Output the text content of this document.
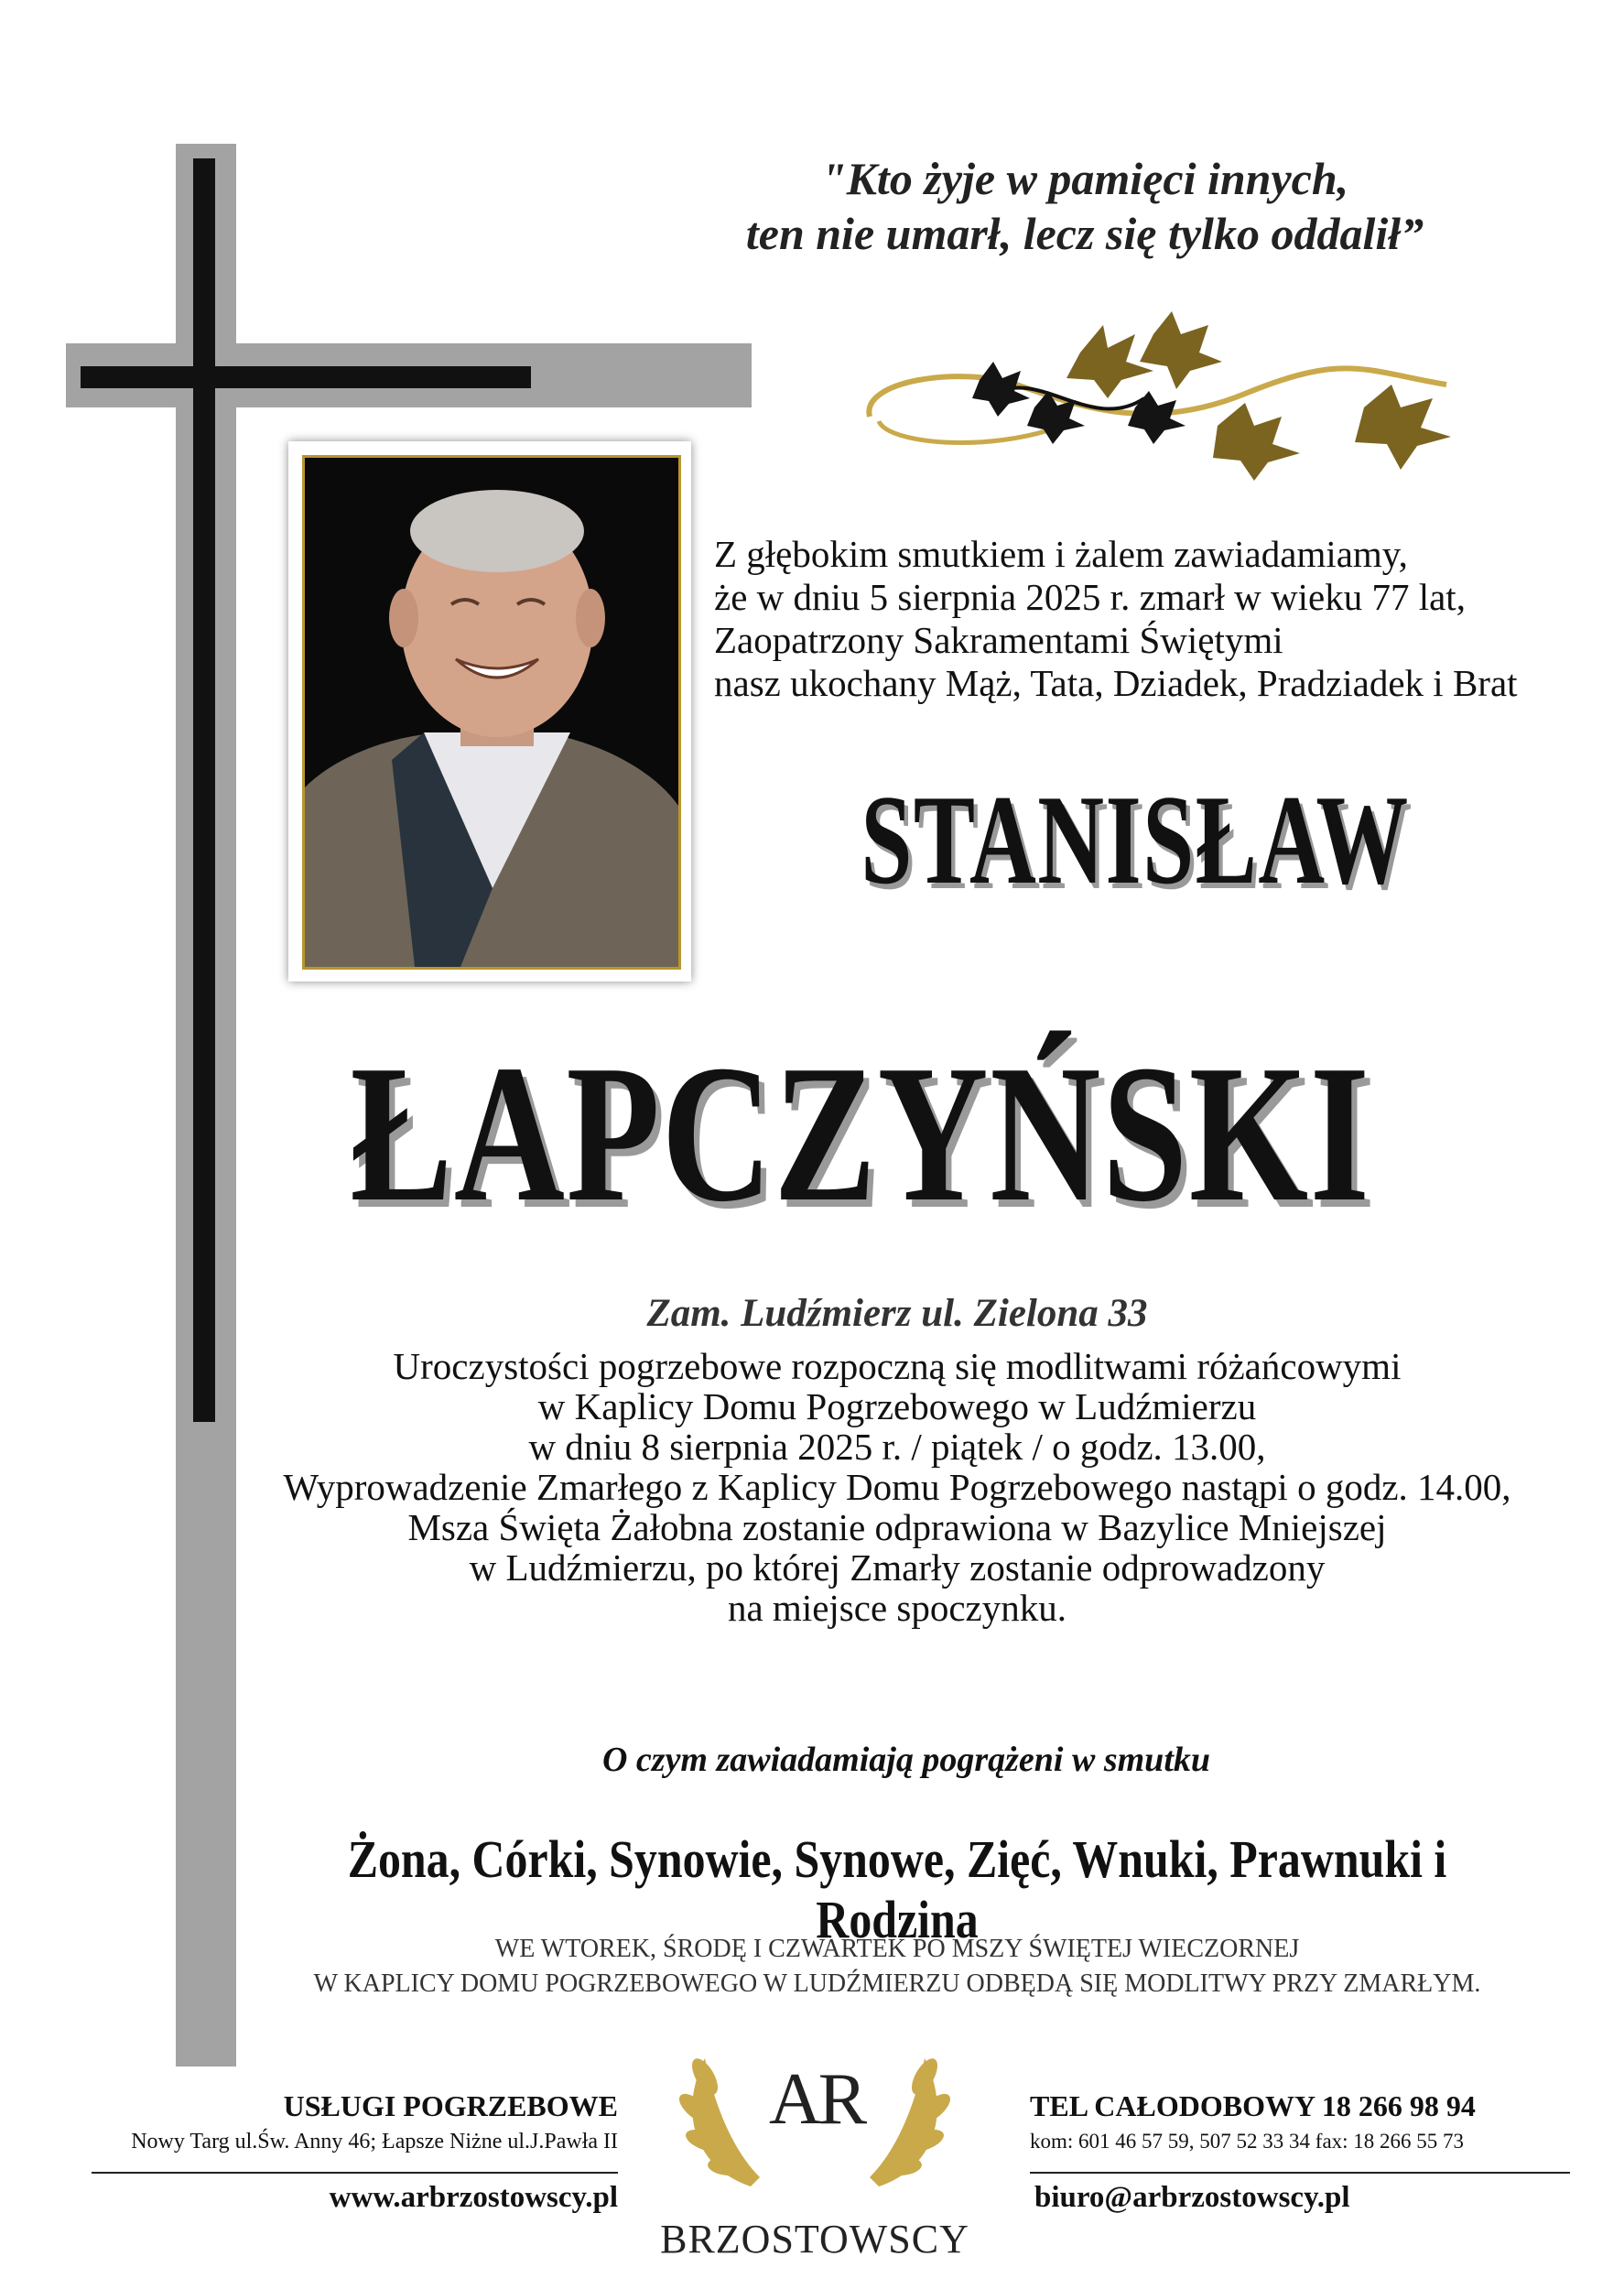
"Kto żyje w pamięci innych,
ten nie umarł, lecz się tylko oddalił”
Z głębokim smutkiem i żalem zawiadamiamy,
że w dniu 5 sierpnia 2025 r. zmarł w wieku 77 lat,
Zaopatrzony Sakramentami Świętymi
nasz ukochany Mąż, Tata, Dziadek, Pradziadek i Brat
STANISŁAW
ŁAPCZYŃSKI
Zam. Ludźmierz ul. Zielona 33
Uroczystości pogrzebowe rozpoczną się modlitwami różańcowymi
w Kaplicy Domu Pogrzebowego w Ludźmierzu
w dniu 8 sierpnia 2025 r. / piątek / o godz. 13.00,
Wyprowadzenie Zmarłego z Kaplicy Domu Pogrzebowego nastąpi o godz. 14.00,
Msza Święta Żałobna zostanie odprawiona w Bazylice Mniejszej
w Ludźmierzu, po której Zmarły zostanie odprowadzony
na miejsce spoczynku.
O czym zawiadamiają pogrążeni w smutku
Żona, Córki, Synowie, Synowe, Zięć, Wnuki, Prawnuki i Rodzina
WE WTOREK, ŚRODĘ I CZWARTEK PO MSZY ŚWIĘTEJ WIECZORNEJ
W KAPLICY DOMU POGRZEBOWEGO W LUDŹMIERZU ODBĘDĄ SIĘ MODLITWY PRZY ZMARŁYM.
USŁUGI POGRZEBOWE
Nowy Targ ul.Św. Anny 46; Łapsze Niżne ul.J.Pawła II
www.arbrzostowscy.pl
TEL CAŁODOBOWY 18 266 98 94
kom: 601 46 57 59, 507 52 33 34 fax: 18 266 55 73
biuro@arbrzostowscy.pl
AR
BRZOSTOWSCY
